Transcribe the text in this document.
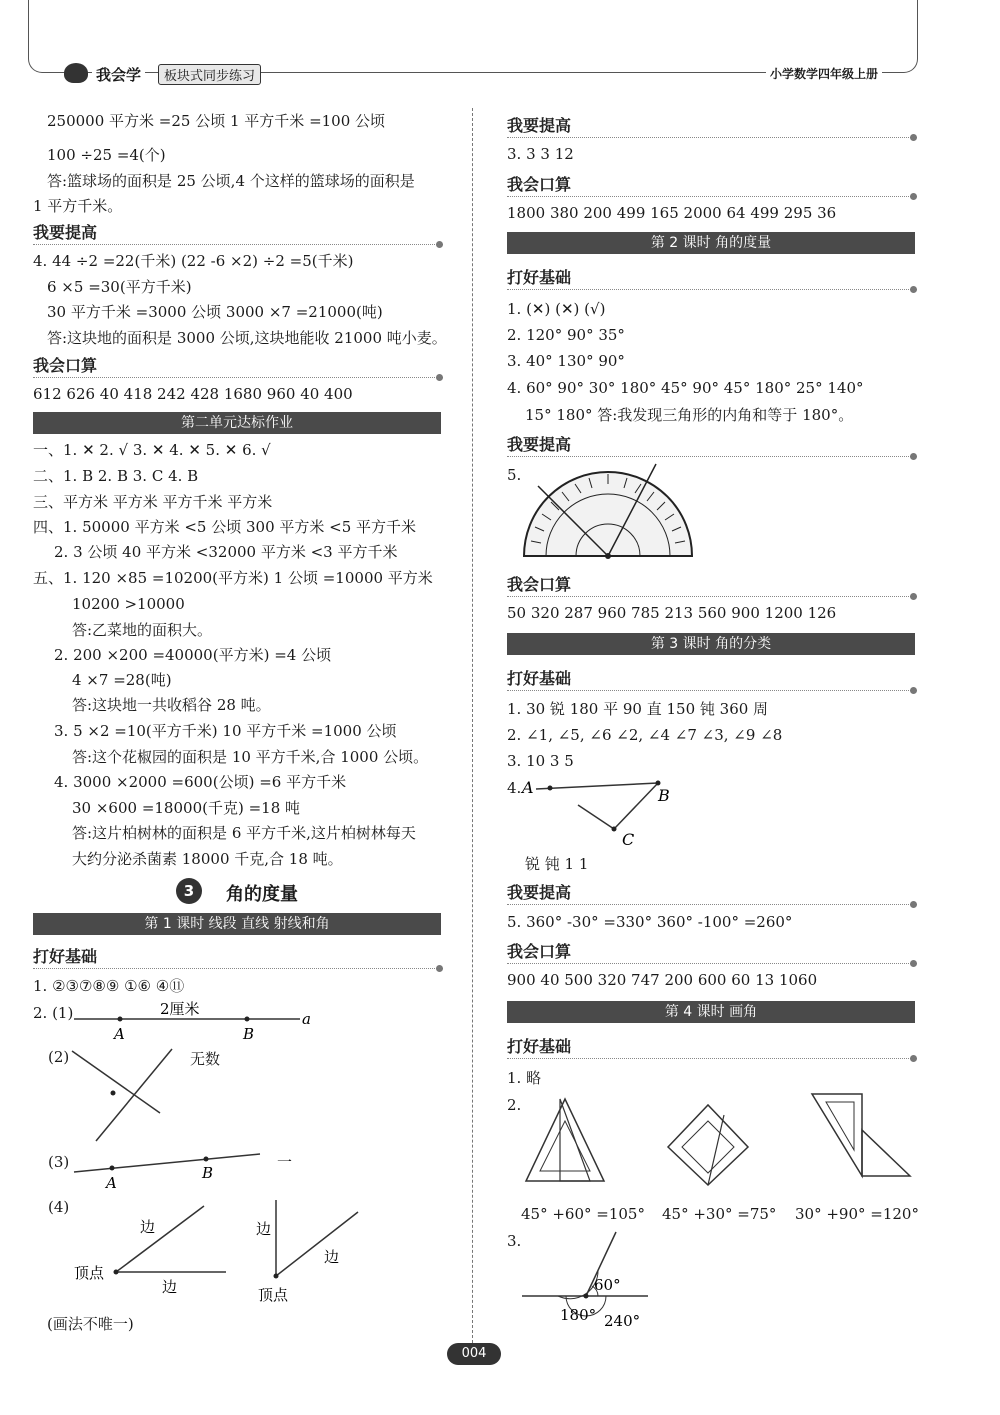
我会学	板块式同步练习	小学数学四年级上册
250000 平方米 =25 公顷 1 平方千米 =100 公顷
100 ÷25 =4(个)
答:篮球场的面积是 25 公顷,4 个这样的篮球场的面积是
1 平方千米。
我要提高
4. 44 ÷2 =22(千米) (22 -6 ×2) ÷2 =5(千米)
6 ×5 =30(平方千米)
30 平方千米 =3000 公顷 3000 ×7 =21000(吨)
答:这块地的面积是 3000 公顷,这块地能收 21000 吨小麦。
我会口算
612 626 40 418 242 428 1680 960 40 400
第二单元达标作业
一、1. ✕ 2. √ 3. ✕ 4. ✕ 5. ✕ 6. √
二、1. B 2. B 3. C 4. B
三、平方米 平方米 平方千米 平方米
四、1. 50000 平方米 <5 公顷 300 平方米 <5 平方千米
2. 3 公顷 40 平方米 <32000 平方米 <3 平方千米
五、1. 120 ×85 =10200(平方米) 1 公顷 =10000 平方米
10200 >10000
答:乙菜地的面积大。
2. 200 ×200 =40000(平方米) =4 公顷
4 ×7 =28(吨)
答:这块地一共收稻谷 28 吨。
3. 5 ×2 =10(平方千米) 10 平方千米 =1000 公顷
答:这个花椒园的面积是 10 平方千米,合 1000 公顷。
4. 3000 ×2000 =600(公顷) =6 平方千米
30 ×600 =18000(千克) =18 吨
答:这片柏树林的面积是 6 平方千米,这片柏树林每天
大约分泌杀菌素 18000 千克,合 18 吨。
3	角的度量
第 1 课时 线段 直线 射线和角
打好基础
1. ②③⑦⑧⑨ ①⑥ ④⑪
2. (1)	2厘米
A	B
a
(2)	无数
(3)
A
B
一
(4)
边
顶点
边
边
边
顶点
(画法不唯一)
我要提高
3. 3 3 12
我会口算
1800 380 200 499 165 2000 64 499 295 36
第 2 课时 角的度量
打好基础
1. (✕) (✕) (√)
2. 120° 90° 35°
3. 40° 130° 90°
4. 60° 90° 30° 180° 45° 90° 45° 180° 25° 140°
15° 180° 答:我发现三角形的内角和等于 180°。
我要提高
5.
我会口算
50 320 287 960 785 213 560 900 1200 126
第 3 课时 角的分类
打好基础
1. 30 锐 180 平 90 直 150 钝 360 周
2. ∠1, ∠5, ∠6 ∠2, ∠4 ∠7 ∠3, ∠9 ∠8
3. 10 3 5
4. A	B
C
锐 钝 1 1
我要提高
5. 360° -30° =330° 360° -100° =260°
我会口算
900 40 500 320 747 200 600 60 13 1060
第 4 课时 画角
打好基础
1. 略
2.
45° +60° =105° 45° +30° =75° 30° +90° =120°
3.
60°
180° 240°
004
